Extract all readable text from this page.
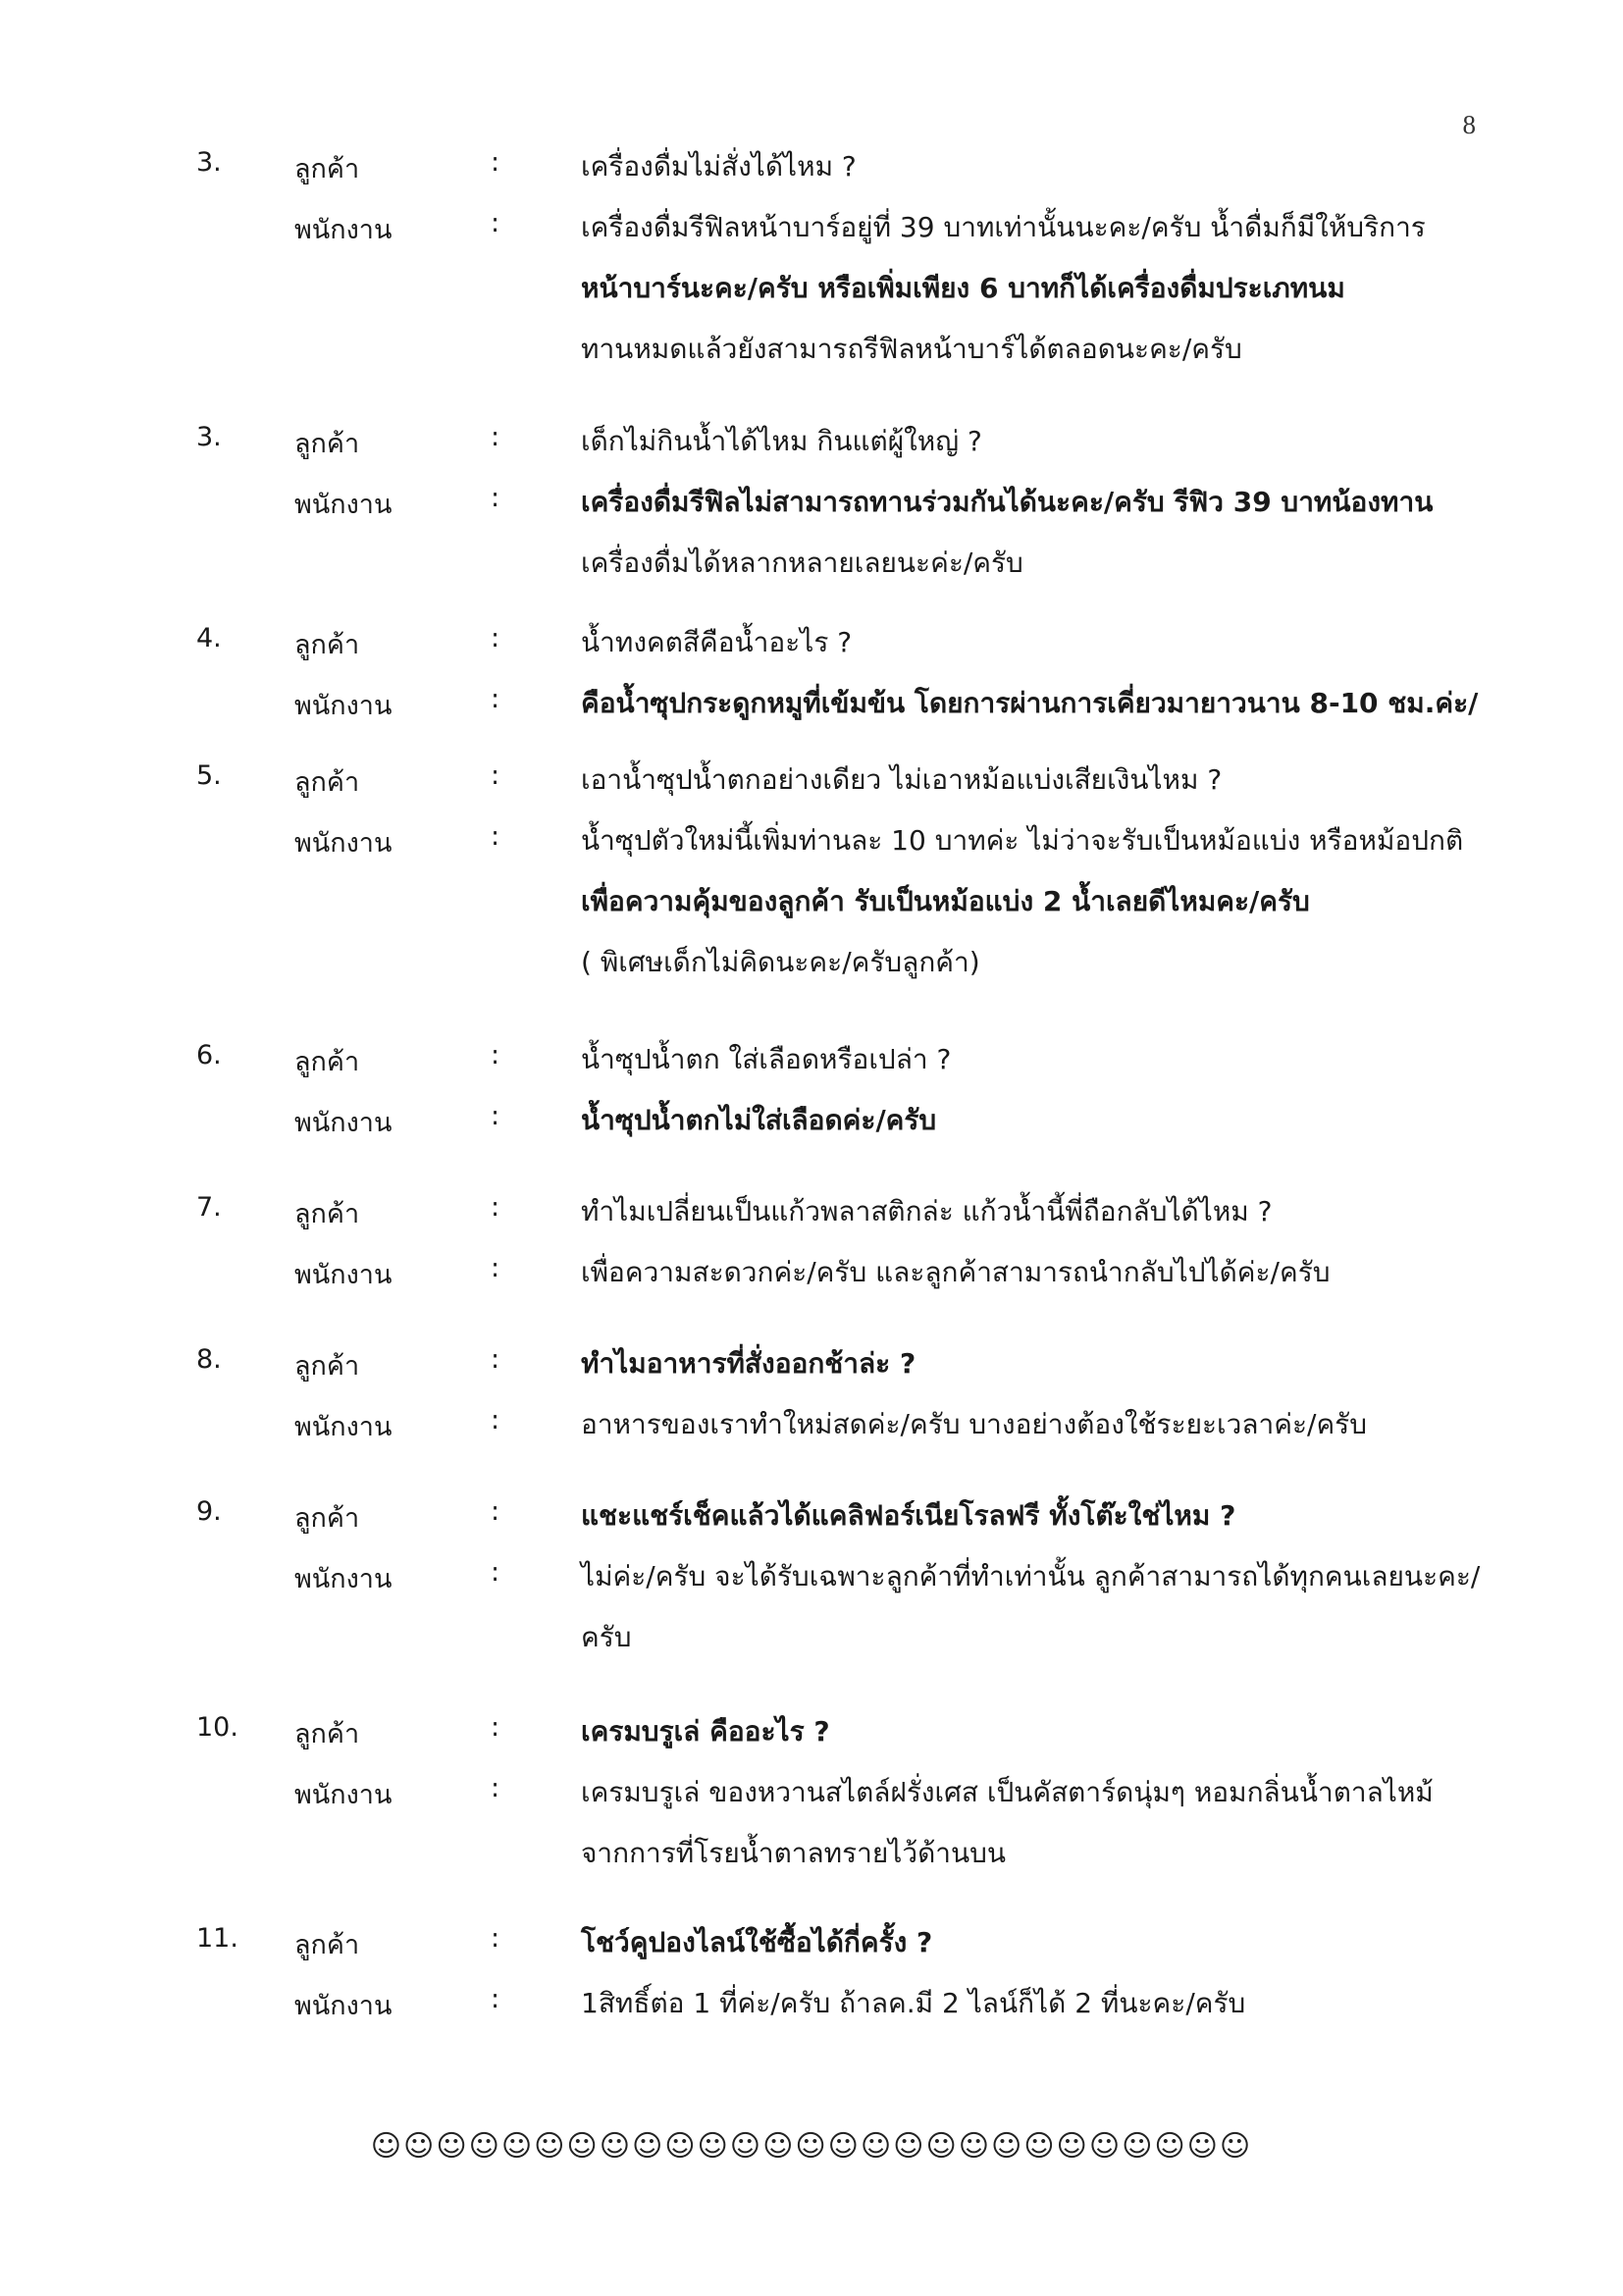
8
3.	ลูกค้า	:	เครื่องดื่มไม่สั่งได้ไหม ?
พนักงาน	:	เครื่องดื่มรีฟิลหน้าบาร์อยู่ที่ 39 บาทเท่านั้นนะคะ/ครับ น้ำดื่มก็มีให้บริการ
หน้าบาร์นะคะ/ครับ หรือเพิ่มเพียง 6 บาทก็ได้เครื่องดื่มประเภทนม
ทานหมดแล้วยังสามารถรีฟิลหน้าบาร์ได้ตลอดนะคะ/ครับ
3.	ลูกค้า	:	เด็กไม่กินน้ำได้ไหม กินแต่ผู้ใหญ่ ?
พนักงาน	:	เครื่องดื่มรีฟิลไม่สามารถทานร่วมกันได้นะคะ/ครับ รีฟิว 39 บาทน้องทาน
เครื่องดื่มได้หลากหลายเลยนะค่ะ/ครับ
4.	ลูกค้า	:	น้ำทงคตสีคือน้ำอะไร ?
พนักงาน	:	คือน้ำซุปกระดูกหมูที่เข้มข้น โดยการผ่านการเคี่ยวมายาวนาน 8-10 ชม.ค่ะ/
5.	ลูกค้า	:	เอาน้ำซุปน้ำตกอย่างเดียว ไม่เอาหม้อแบ่งเสียเงินไหม ?
พนักงาน	:	น้ำซุปตัวใหม่นี้เพิ่มท่านละ 10 บาทค่ะ ไม่ว่าจะรับเป็นหม้อแบ่ง หรือหม้อปกติ
เพื่อความคุ้มของลูกค้า รับเป็นหม้อแบ่ง 2 น้ำเลยดีไหมคะ/ครับ
( พิเศษเด็กไม่คิดนะคะ/ครับลูกค้า)
6.	ลูกค้า	:	น้ำซุปน้ำตก ใส่เลือดหรือเปล่า ?
พนักงาน	:	น้ำซุปน้ำตกไม่ใส่เลือดค่ะ/ครับ
7.	ลูกค้า	:	ทำไมเปลี่ยนเป็นแก้วพลาสติกล่ะ แก้วน้ำนี้พี่ถือกลับได้ไหม ?
พนักงาน	:	เพื่อความสะดวกค่ะ/ครับ และลูกค้าสามารถนำกลับไปได้ค่ะ/ครับ
8.	ลูกค้า	:	ทำไมอาหารที่สั่งออกช้าล่ะ ?
พนักงาน	:	อาหารของเราทำใหม่สดค่ะ/ครับ บางอย่างต้องใช้ระยะเวลาค่ะ/ครับ
9.	ลูกค้า	:	แชะแชร์เช็คแล้วได้แคลิฟอร์เนียโรลฟรี ทั้งโต๊ะใช่ไหม ?
พนักงาน	:	ไม่ค่ะ/ครับ จะได้รับเฉพาะลูกค้าที่ทำเท่านั้น ลูกค้าสามารถได้ทุกคนเลยนะคะ/
ครับ
10.	ลูกค้า	:	เครมบรูเล่ คืออะไร ?
พนักงาน	:	เครมบรูเล่ ของหวานสไตล์ฝรั่งเศส เป็นคัสตาร์ดนุ่มๆ หอมกลิ่นน้ำตาลไหม้
จากการที่โรยน้ำตาลทรายไว้ด้านบน
11.	ลูกค้า	:	โชว์คูปองไลน์ใช้ซื้อได้กี่ครั้ง ?
พนักงาน	:	1สิทธิ์ต่อ 1 ที่ค่ะ/ครับ ถ้าลค.มี 2 ไลน์ก็ได้ 2 ที่นะคะ/ครับ
☺☺☺☺☺☺☺☺☺☺☺☺☺☺☺☺☺☺☺☺☺☺☺☺☺☺☺
